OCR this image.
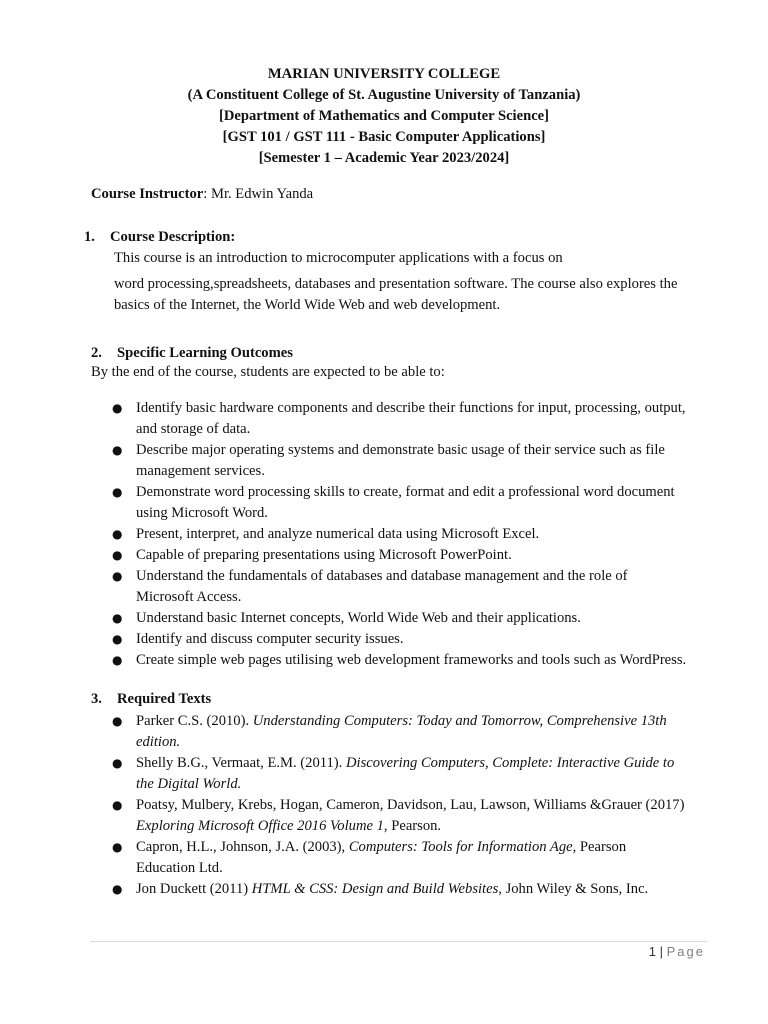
MARIAN UNIVERSITY COLLEGE
(A Constituent College of St. Augustine University of Tanzania)
[Department of Mathematics and Computer Science]
[GST 101 / GST 111 - Basic Computer Applications]
[Semester 1 – Academic Year 2023/2024]
Course Instructor: Mr. Edwin Yanda
1. Course Description:
This course is an introduction to microcomputer applications with a focus on
word processing,spreadsheets, databases and presentation software. The course also explores the
basics of the Internet, the World Wide Web and web development.
2. Specific Learning Outcomes
By the end of the course, students are expected to be able to:
● Identify basic hardware components and describe their functions for input, processing, output,
and storage of data.
● Describe major operating systems and demonstrate basic usage of their service such as file
management services.
● Demonstrate word processing skills to create, format and edit a professional word document
using Microsoft Word.
● Present, interpret, and analyze numerical data using Microsoft Excel.
● Capable of preparing presentations using Microsoft PowerPoint.
● Understand the fundamentals of databases and database management and the role of
Microsoft Access.
● Understand basic Internet concepts, World Wide Web and their applications.
● Identify and discuss computer security issues.
● Create simple web pages utilising web development frameworks and tools such as WordPress.
3. Required Texts
● Parker C.S. (2010). Understanding Computers: Today and Tomorrow, Comprehensive 13th
edition.
● Shelly B.G., Vermaat, E.M. (2011). Discovering Computers, Complete: Interactive Guide to
the Digital World.
● Poatsy, Mulbery, Krebs, Hogan, Cameron, Davidson, Lau, Lawson, Williams &Grauer (2017)
Exploring Microsoft Office 2016 Volume 1, Pearson.
● Capron, H.L., Johnson, J.A. (2003), Computers: Tools for Information Age, Pearson
Education Ltd.
● Jon Duckett (2011) HTML & CSS: Design and Build Websites, John Wiley & Sons, Inc.
1 | Page
